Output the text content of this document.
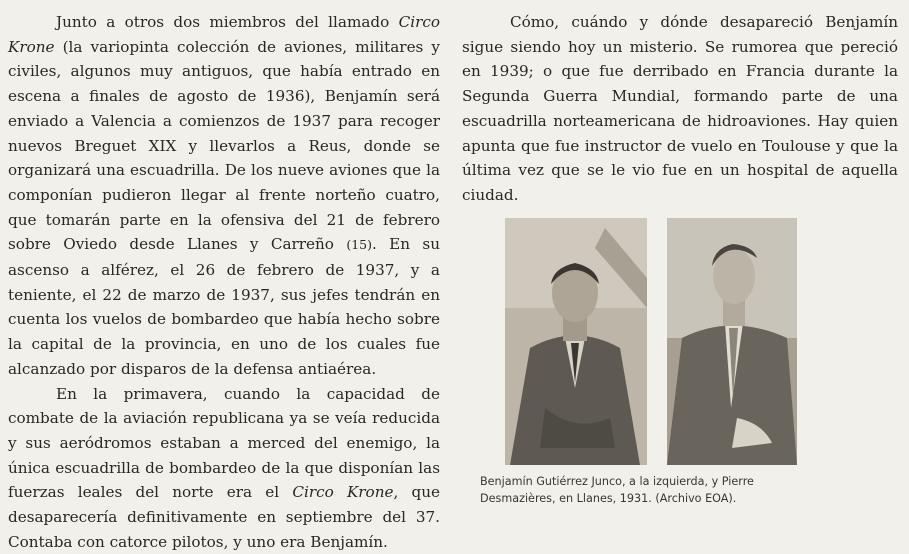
Junto a otros dos miembros del llamado Circo Krone (la variopinta colección de aviones, militares y civiles, algunos muy antiguos, que había entrado en escena a finales de agosto de 1936), Benjamín será enviado a Valencia a comienzos de 1937 para recoger nuevos Breguet XIX y llevarlos a Reus, donde se organizará una escuadrilla. De los nueve aviones que la componían pudieron llegar al frente norteño cuatro, que tomarán parte en la ofensiva del 21 de febrero sobre Oviedo desde Llanes y Carreño (15). En su ascenso a alférez, el 26 de febrero de 1937, y a teniente, el 22 de marzo de 1937, sus jefes tendrán en cuenta los vuelos de bombardeo que había hecho sobre la capital de la provincia, en uno de los cuales fue alcanzado por disparos de la defensa antiaérea.

En la primavera, cuando la capacidad de combate de la aviación republicana ya se veía reducida y sus aeródromos estaban a merced del enemigo, la única escuadrilla de bombardeo de la que disponían las fuerzas leales del norte era el Circo Krone, que desaparecería definitivamente en septiembre del 37. Contaba con catorce pilotos, y uno era Benjamín.

Cómo, cuándo y dónde desapareció Benjamín sigue siendo hoy un misterio. Se rumorea que pereció en 1939; o que fue derribado en Francia durante la Segunda Guerra Mundial, formando parte de una escuadrilla norteamericana de hidroaviones. Hay quien apunta que fue instructor de vuelo en Toulouse y que la última vez que se le vio fue en un hospital de aquella ciudad.

Benjamín Gutiérrez Junco, a la izquierda, y Pierre Desmazières, en Llanes, 1931. (Archivo EOA).
